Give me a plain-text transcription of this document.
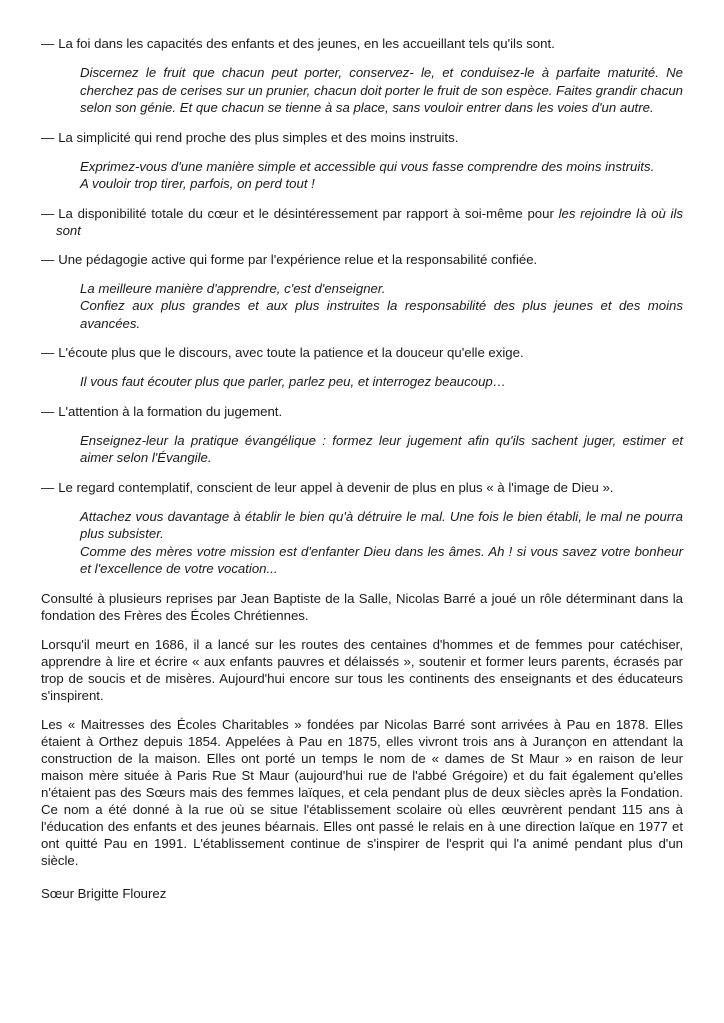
— La foi dans les capacités des enfants et des jeunes, en les accueillant tels qu'ils sont.
Discernez le fruit que chacun peut porter, conservez- le, et conduisez-le à parfaite maturité. Ne cherchez pas de cerises sur un prunier, chacun doit porter le fruit de son espèce. Faites grandir chacun selon son génie. Et que chacun se tienne à sa place, sans vouloir entrer dans les voies d'un autre.
— La simplicité qui rend proche des plus simples et des moins instruits.
Exprimez-vous d'une manière simple et accessible qui vous fasse comprendre des moins instruits.
A vouloir trop tirer, parfois, on perd tout !
— La disponibilité totale du cœur et le désintéressement par rapport à soi-même pour les rejoindre là où ils sont
— Une pédagogie active qui forme par l'expérience relue et la responsabilité confiée.
La meilleure manière d'apprendre, c'est d'enseigner.
Confiez aux plus grandes et aux plus instruites la responsabilité des plus jeunes et des moins avancées.
— L'écoute plus que le discours, avec toute la patience et la douceur qu'elle exige.
Il vous faut écouter plus que parler, parlez peu, et interrogez beaucoup…
— L'attention à la formation du jugement.
Enseignez-leur la pratique évangélique : formez leur jugement afin qu'ils sachent juger, estimer et aimer selon l'Évangile.
— Le regard contemplatif, conscient de leur appel à devenir de plus en plus « à l'image de Dieu ».
Attachez vous davantage à établir le bien qu'à détruire le mal. Une fois le bien établi, le mal ne pourra plus subsister.
Comme des mères votre mission est d'enfanter Dieu dans les âmes. Ah ! si vous savez votre bonheur et l'excellence de votre vocation...
Consulté à plusieurs reprises par Jean Baptiste de la Salle, Nicolas Barré a joué un rôle déterminant dans la fondation des Frères des Écoles Chrétiennes.
Lorsqu'il meurt en 1686, il a lancé sur les routes des centaines d'hommes et de femmes pour catéchiser, apprendre à lire et écrire « aux enfants pauvres et délaissés », soutenir et former leurs parents, écrasés par trop de soucis et de misères. Aujourd'hui encore sur tous les continents des enseignants et des éducateurs s'inspirent.
Les « Maitresses des Écoles Charitables » fondées par Nicolas Barré sont arrivées à Pau en 1878. Elles étaient à Orthez depuis 1854. Appelées à Pau en 1875, elles vivront trois ans à Jurançon en attendant la construction de la maison. Elles ont porté un temps le nom de « dames de St Maur » en raison de leur maison mère située à Paris Rue St Maur (aujourd'hui rue de l'abbé Grégoire) et du fait également qu'elles n'étaient pas des Sœurs mais des femmes laïques, et cela pendant plus de deux siècles après la Fondation. Ce nom a été donné à la rue où se situe l'établissement scolaire où elles œuvrèrent pendant 115 ans à l'éducation des enfants et des jeunes béarnais. Elles ont passé le relais en à une direction laïque en 1977 et ont quitté Pau en 1991. L'établissement continue de s'inspirer de l'esprit qui l'a animé pendant plus d'un siècle.
Sœur Brigitte Flourez
